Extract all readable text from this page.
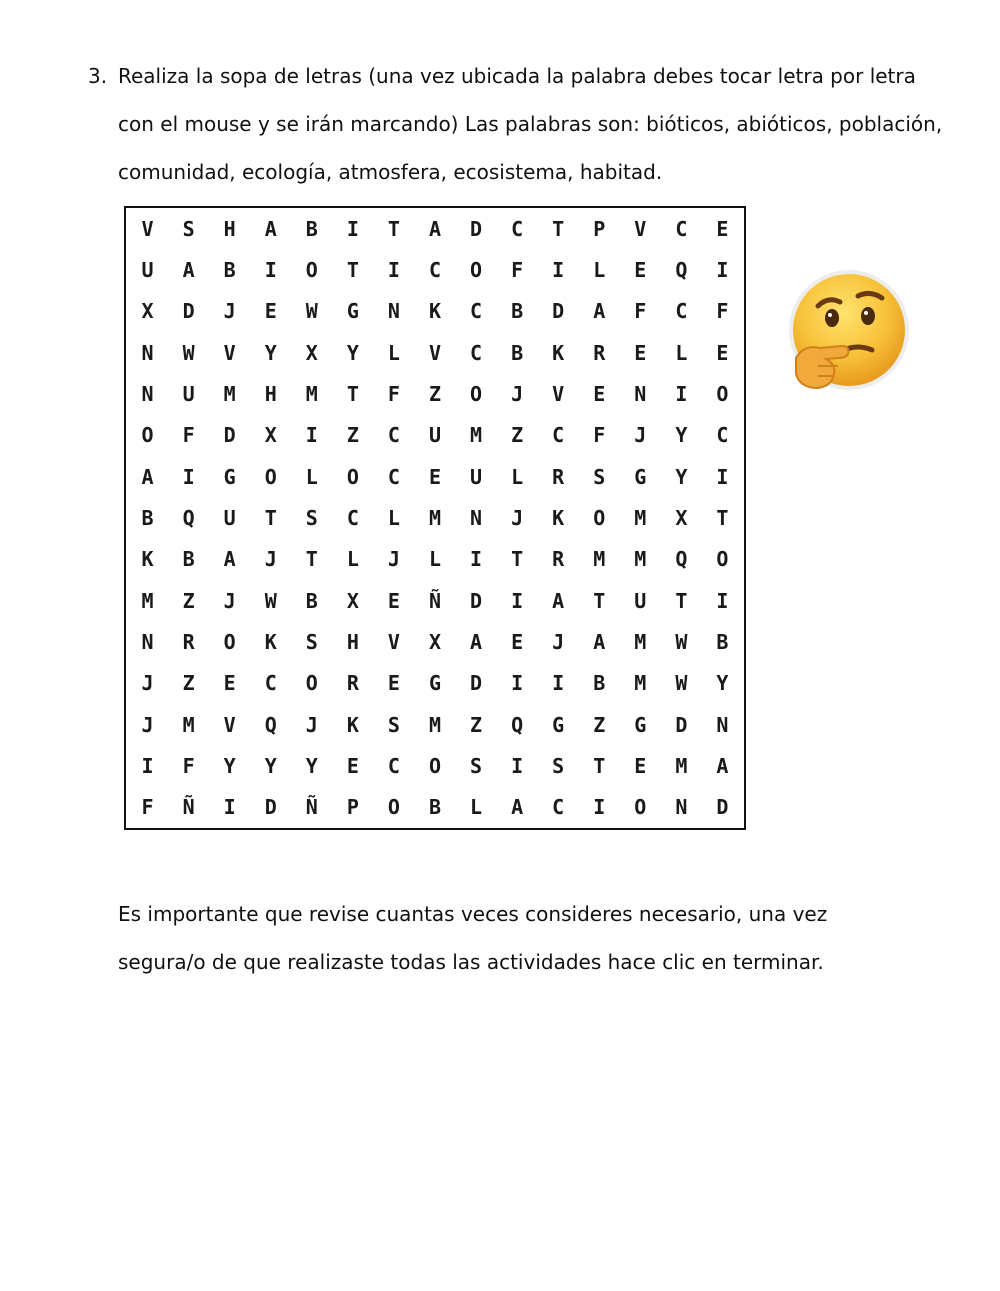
3. Realiza la sopa de letras (una vez ubicada la palabra debes tocar letra por letra con el mouse y se irán marcando) Las palabras son: bióticos, abióticos, población, comunidad, ecología, atmosfera, ecosistema, habitad.
V	S	H	A	B	I	T	A	D	C	T	P	V	C	E
U	A	B	I	O	T	I	C	O	F	I	L	E	Q	I
X	D	J	E	W	G	N	K	C	B	D	A	F	C	F
N	W	V	Y	X	Y	L	V	C	B	K	R	E	L	E
N	U	M	H	M	T	F	Z	O	J	V	E	N	I	O
O	F	D	X	I	Z	C	U	M	Z	C	F	J	Y	C
A	I	G	O	L	O	C	E	U	L	R	S	G	Y	I
B	Q	U	T	S	C	L	M	N	J	K	O	M	X	T
K	B	A	J	T	L	J	L	I	T	R	M	M	Q	O
M	Z	J	W	B	X	E	Ñ	D	I	A	T	U	T	I
N	R	O	K	S	H	V	X	A	E	J	A	M	W	B
J	Z	E	C	O	R	E	G	D	I	I	B	M	W	Y
J	M	V	Q	J	K	S	M	Z	Q	G	Z	G	D	N
I	F	Y	Y	Y	E	C	O	S	I	S	T	E	M	A
F	Ñ	I	D	Ñ	P	O	B	L	A	C	I	O	N	D
Es importante que revise cuantas veces consideres necesario, una vez
segura/o de que realizaste todas las actividades hace clic en terminar.
